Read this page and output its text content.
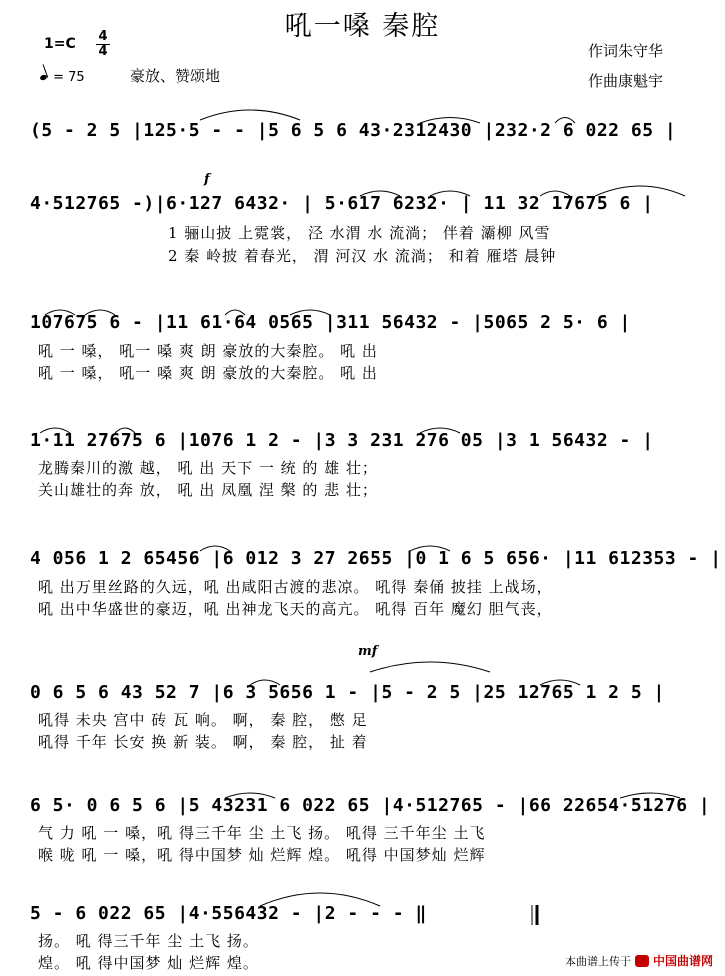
吼一嗓 秦腔
1=C 4
4
= 75	豪放、赞颂地
作词朱守华
作曲康魁宇
(5 - 2 5 |125·5 - - |5 6 5 6 43·2312430 |232·2 6 022 65 |
f
4·512765 -)|6·127 6432· | 5·617 6232· | 11 32 17675 6 |
1 骊山披 上霓裳， 泾 水渭 水 流淌； 伴着 灞柳 风雪
2 秦 岭披 着春光， 渭 河汉 水 流淌； 和着 雁塔 晨钟
107675 6 - |11 61·64 0565 |311 56432 - |5065 2 5· 6 |
吼 一 嗓， 吼一 嗓 爽 朗 豪放的大秦腔。 吼 出
吼 一 嗓， 吼一 嗓 爽 朗 豪放的大秦腔。 吼 出
1·11 27675 6 |1076 1 2 - |3 3 231 276 05 |3 1 56432 - |
龙腾秦川的激 越， 吼 出 天下 一 统 的 雄 壮；
关山雄壮的奔 放， 吼 出 凤凰 涅 槃 的 悲 壮；
4 056 1 2 65456 |6 012 3 27 2655 |0 1 6 5 656· |11 612353 - |
吼 出万里丝路的久远，吼 出咸阳古渡的悲凉。 吼得 秦俑 披挂 上战场，
吼 出中华盛世的豪迈，吼 出神龙飞天的高亢。 吼得 百年 魔幻 胆气丧，
mf
0 6 5 6 43 52 7 |6 3 5656 1 - |5 - 2 5 |25 12765 1 2 5 |
吼得 未央 宫中 砖 瓦 响。 啊， 秦 腔， 憋 足
吼得 千年 长安 换 新 装。 啊， 秦 腔， 扯 着
6 5· 0 6 5 6 |5 43231 6 022 65 |4·512765 - |66 22654·51276 |
气 力 吼 一 嗓，吼 得三千年 尘 土飞 扬。 吼得 三千年尘 土飞
喉 咙 吼 一 嗓，吼 得中国梦 灿 烂辉 煌。 吼得 中国梦灿 烂辉
5 - 6 022 65 |4·556432 - |2 - - - ‖
扬。 吼 得三千年 尘 土飞 扬。
煌。 吼 得中国梦 灿 烂辉 煌。	本曲谱上传于 中国曲谱网
